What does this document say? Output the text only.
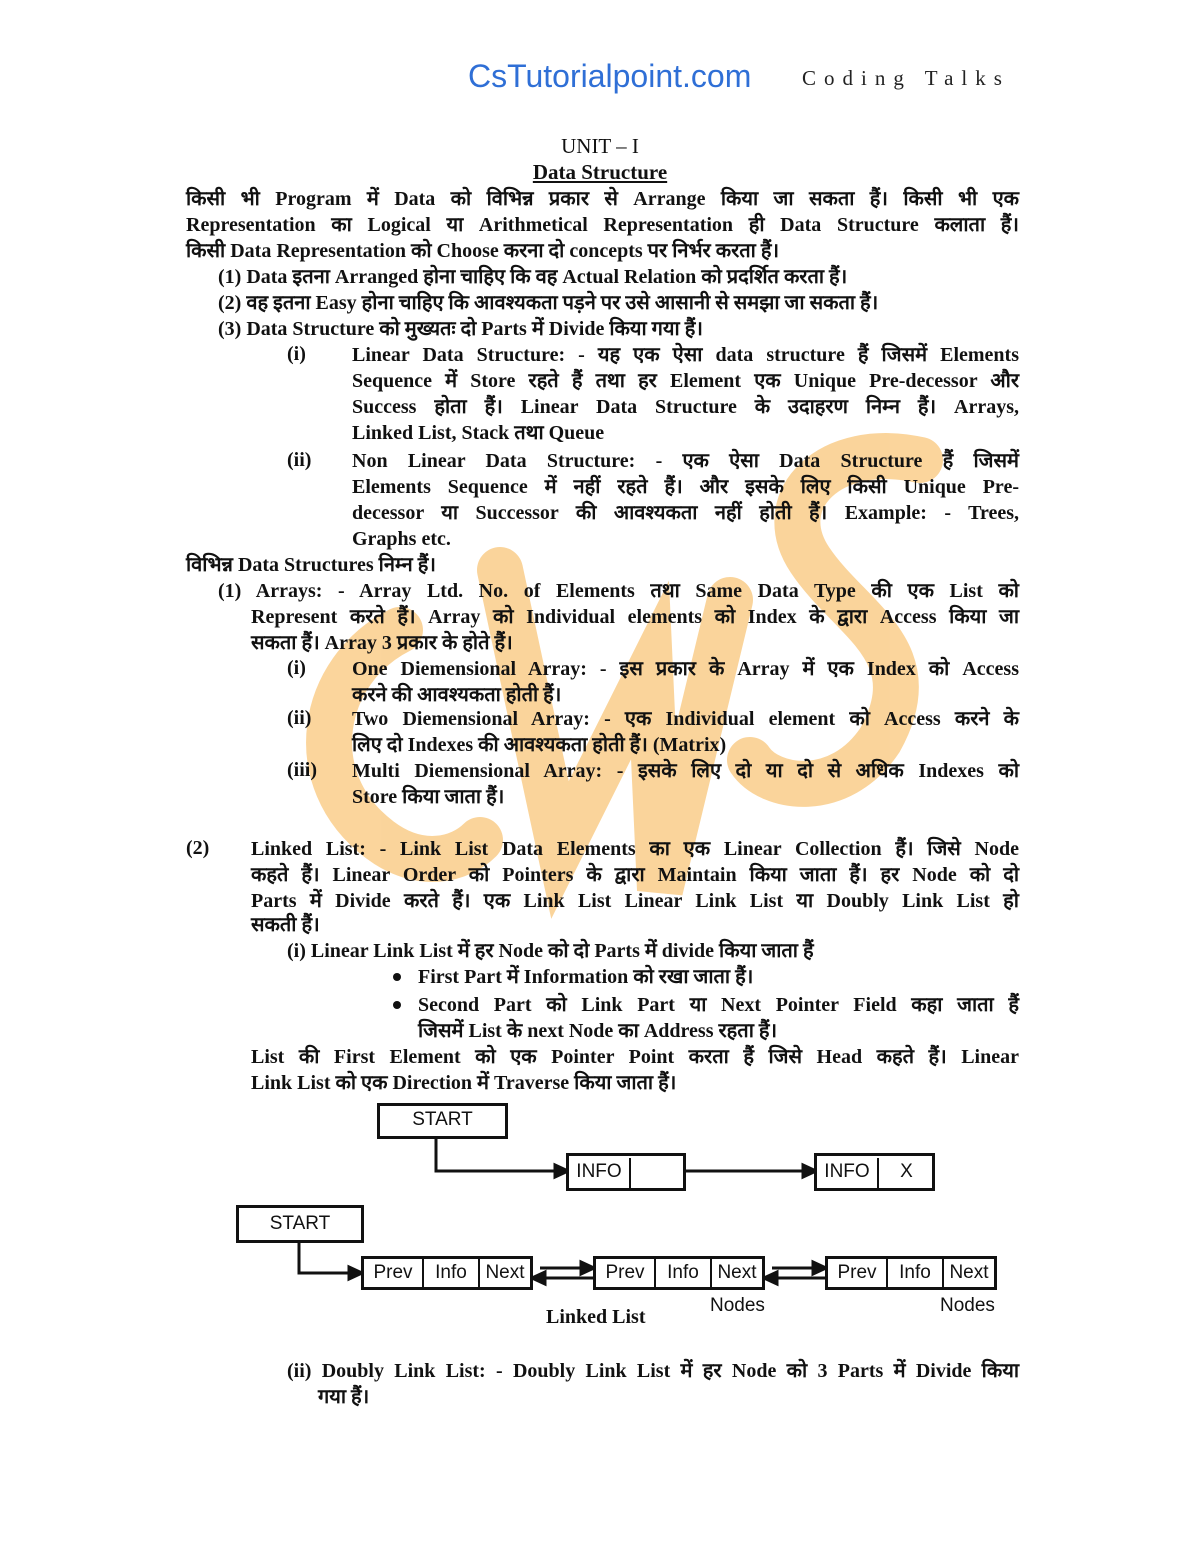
CsTutorialpoint.com Coding Talks
UNIT – I
Data Structure
किसी भी Program में Data को विभिन्न प्रकार से Arrange किया जा सकता हैं। किसी भी एक
Representation का Logical या Arithmetical Representation ही Data Structure कलाता हैं।
किसी Data Representation को Choose करना दो concepts पर निर्भर करता हैं।
(1) Data इतना Arranged होना चाहिए कि वह Actual Relation को प्रदर्शित करता हैं।
(2) वह इतना Easy होना चाहिए कि आवश्यकता पड़ने पर उसे आसानी से समझा जा सकता हैं।
(3) Data Structure को मुख्यतः दो Parts में Divide किया गया हैं।
(i) Linear Data Structure: - यह एक ऐसा data structure हैं जिसमें Elements
Sequence में Store रहते हैं तथा हर Element एक Unique Pre-decessor और
Success होता हैं। Linear Data Structure के उदाहरण निम्न हैं। Arrays,
Linked List, Stack तथा Queue
(ii) Non Linear Data Structure: - एक ऐसा Data Structure हैं जिसमें
Elements Sequence में नहीं रहते हैं। और इसके लिए किसी Unique Pre-
decessor या Successor की आवश्यकता नहीं होती हैं। Example: - Trees,
Graphs etc.
विभिन्न Data Structures निम्न हैं।
(1) Arrays: - Array Ltd. No. of Elements तथा Same Data Type की एक List को
Represent करते हैं। Array को Individual elements को Index के द्वारा Access किया जा
सकता हैं। Array 3 प्रकार के होते हैं।
(i) One Diemensional Array: - इस प्रकार के Array में एक Index को Access
करने की आवश्यकता होती हैं।
(ii) Two Diemensional Array: - एक Individual element को Access करने के
लिए दो Indexes की आवश्यकता होती हैं। (Matrix)
(iii) Multi Diemensional Array: - इसके लिए दो या दो से अधिक Indexes को
Store किया जाता हैं।
(2) Linked List: - Link List Data Elements का एक Linear Collection हैं। जिसे Node
कहते हैं। Linear Order को Pointers के द्वारा Maintain किया जाता हैं। हर Node को दो
Parts में Divide करते हैं। एक Link List Linear Link List या Doubly Link List हो
सकती हैं।
(i) Linear Link List में हर Node को दो Parts में divide किया जाता हैं
First Part में Information को रखा जाता हैं।
Second Part को Link Part या Next Pointer Field कहा जाता हैं
जिसमें List के next Node का Address रहता हैं।
List की First Element को एक Pointer Point करता हैं जिसे Head कहते हैं। Linear
Link List को एक Direction में Traverse किया जाता हैं।
START
INFO	INFO	X
START
Prev	Info Next	Prev	Info Next	Prev	Info Next
Nodes	Nodes
Linked List
(ii) Doubly Link List: - Doubly Link List में हर Node को 3 Parts में Divide किया
गया हैं।
